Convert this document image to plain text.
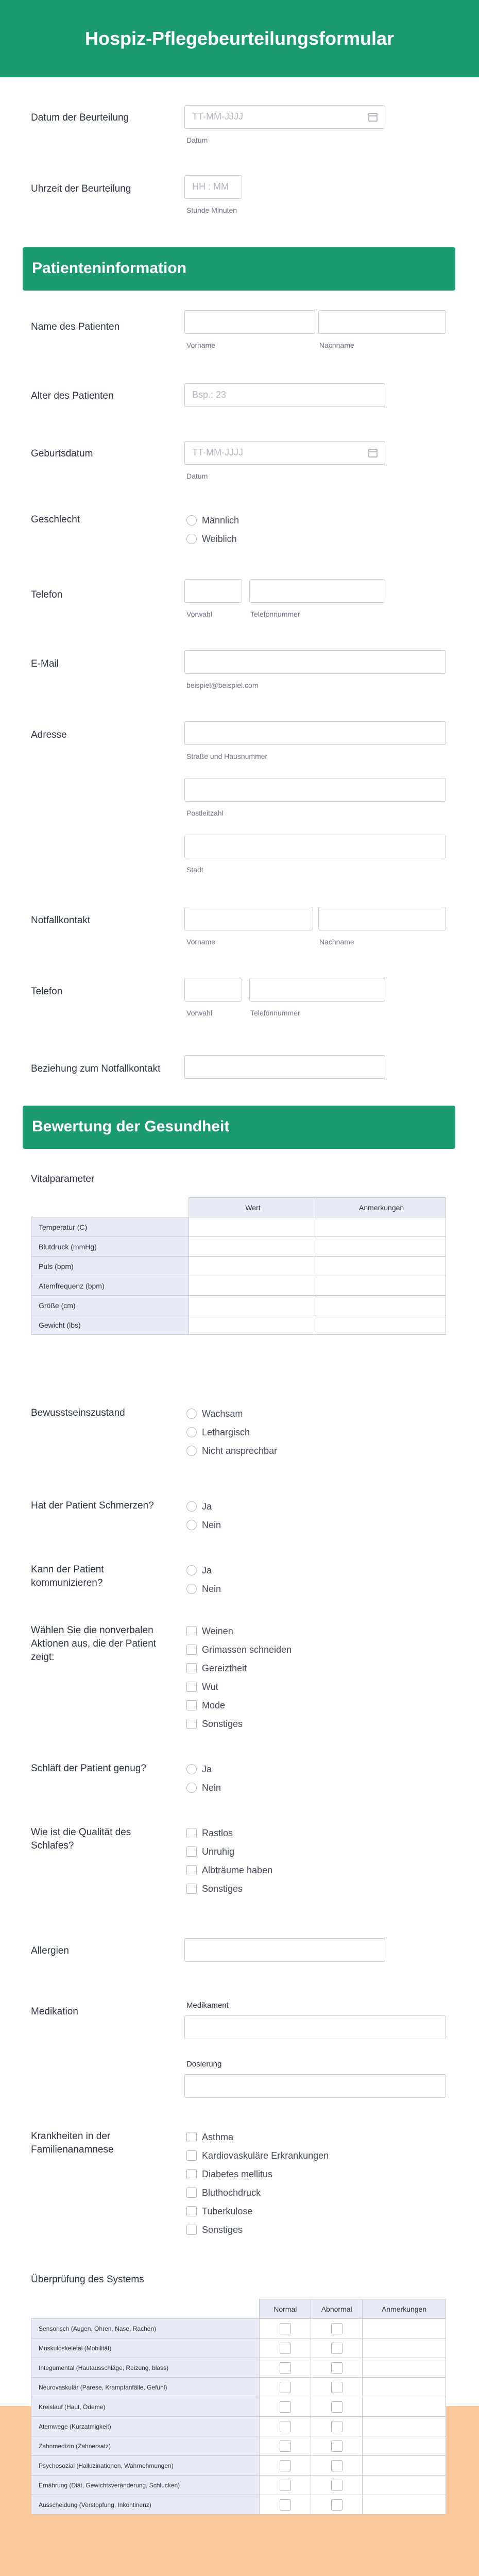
Hospiz-Pflegebeurteilungsformular
Datum der Beurteilung	TT-MM-JJJJ
Datum
Uhrzeit der Beurteilung	HH : MM
Stunde Minuten
Patienteninformation
Name des Patienten
Vorname	Nachname
Alter des Patienten	Bsp.: 23
Geburtsdatum	TT-MM-JJJJ
Datum
Geschlecht	Männlich
Weiblich
Telefon
Vorwahl	Telefonnummer
E-Mail
beispiel@beispiel.com
Adresse
Straße und Hausnummer
Postleitzahl
Stadt
Notfallkontakt
Vorname	Nachname
Telefon
Vorwahl	Telefonnummer
Beziehung zum Notfallkontakt
Bewertung der Gesundheit
Vitalparameter
	Wert	Anmerkungen
Temperatur (C)		
Blutdruck (mmHg)		
Puls (bpm)		
Atemfrequenz (bpm)		
Größe (cm)		
Gewicht (lbs)		
Bewusstseinszustand	Wachsam
Lethargisch
Nicht ansprechbar
Hat der Patient Schmerzen?	Ja
Nein
Kann der Patient kommunizieren?
Ja
Nein
Wählen Sie die nonverbalen Aktionen aus, die der Patient zeigt:
Weinen
Grimassen schneiden
Gereiztheit
Wut
Mode
Sonstiges
Schläft der Patient genug?	Ja
Nein
Wie ist die Qualität des Schlafes?
Rastlos
Unruhig
Albträume haben
Sonstiges
Allergien
Medikation
Medikament
Dosierung
Krankheiten in der Familienanamnese
Asthma
Kardiovaskuläre Erkrankungen
Diabetes mellitus
Bluthochdruck
Tuberkulose
Sonstiges
Überprüfung des Systems
	Normal	Abnormal	Anmerkungen
Sensorisch (Augen, Ohren, Nase, Rachen)	

Muskuloskeletal (Mobilität)	

Integumental (Hautausschläge, Reizung, blass)	

Neurovaskulär (Parese, Krampfanfälle, Gefühl)	

Kreislauf (Haut, Ödeme)	

Atemwege (Kurzatmigkeit)	

Zahnmedizin (Zahnersatz)	

Psychosozial (Halluzinationen, Wahrnehmungen)	

Ernährung (Diät, Gewichtsveränderung, Schlucken)	

Ausscheidung (Verstopfung, Inkontinenz)	
